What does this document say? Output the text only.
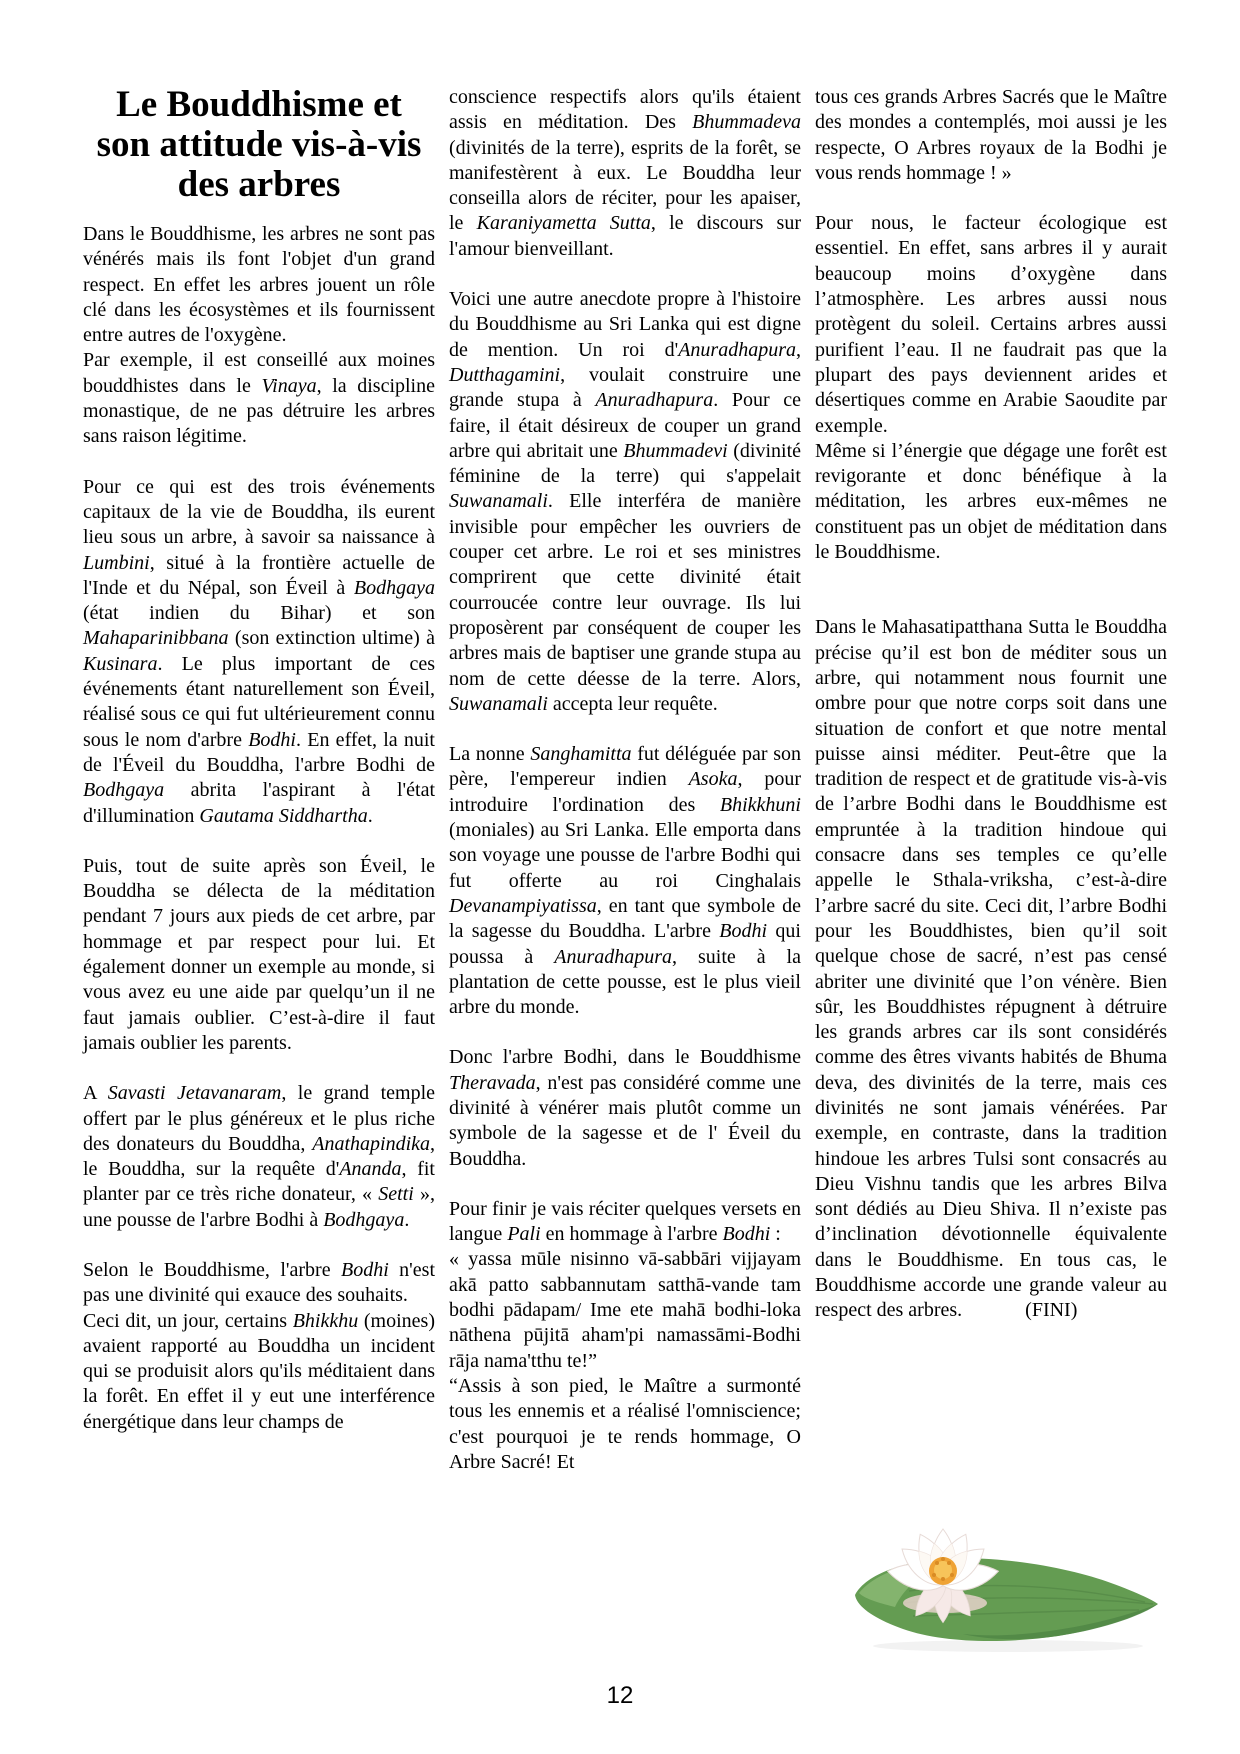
Le Bouddhisme et
son attitude vis-à-vis
des arbres

Dans le Bouddhisme, les arbres ne sont pas vénérés mais ils font l'objet d'un grand respect. En effet les arbres jouent un rôle clé dans les écosystèmes et ils fournissent entre autres de l'oxygène.

Par exemple, il est conseillé aux moines bouddhistes dans le Vinaya, la discipline monastique, de ne pas détruire les arbres sans raison légitime.

Pour ce qui est des trois événements capitaux de la vie de Bouddha, ils eurent lieu sous un arbre, à savoir sa naissance à Lumbini, situé à la frontière actuelle de l'Inde et du Népal, son Éveil à Bodhgaya (état indien du Bihar) et son Mahaparinibbana (son extinction ultime) à Kusinara. Le plus important de ces événements étant naturellement son Éveil, réalisé sous ce qui fut ultérieurement connu sous le nom d'arbre Bodhi. En effet, la nuit de l'Éveil du Bouddha, l'arbre Bodhi de Bodhgaya abrita l'aspirant à l'état d'illumination Gautama Siddhartha.

Puis, tout de suite après son Éveil, le Bouddha se délecta de la méditation pendant 7 jours aux pieds de cet arbre, par hommage et par respect pour lui. Et également donner un exemple au monde, si vous avez eu une aide par quelqu’un il ne faut jamais oublier. C’est-à-dire il faut jamais oublier les parents.

A Savasti Jetavanaram, le grand temple offert par le plus généreux et le plus riche des donateurs du Bouddha, Anathapindika, le Bouddha, sur la requête d'Ananda, fit planter par ce très riche donateur, « Setti », une pousse de l'arbre Bodhi à Bodhgaya.

Selon le Bouddhisme, l'arbre Bodhi n'est pas une divinité qui exauce des souhaits.

Ceci dit, un jour, certains Bhikkhu (moines) avaient rapporté au Bouddha un incident qui se produisit alors qu'ils méditaient dans la forêt. En effet il y eut une interférence énergétique dans leur champs de

conscience respectifs alors qu'ils étaient assis en méditation. Des Bhummadeva (divinités de la terre), esprits de la forêt, se manifestèrent à eux. Le Bouddha leur conseilla alors de réciter, pour les apaiser, le Karaniyametta Sutta, le discours sur l'amour bienveillant.

Voici une autre anecdote propre à l'histoire du Bouddhisme au Sri Lanka qui est digne de mention. Un roi d'Anuradhapura, Dutthagamini, voulait construire une grande stupa à Anuradhapura. Pour ce faire, il était désireux de couper un grand arbre qui abritait une Bhummadevi (divinité féminine de la terre) qui s'appelait Suwanamali. Elle interféra de manière invisible pour empêcher les ouvriers de couper cet arbre. Le roi et ses ministres comprirent que cette divinité était courroucée contre leur ouvrage. Ils lui proposèrent par conséquent de couper les arbres mais de baptiser une grande stupa au nom de cette déesse de la terre. Alors, Suwanamali accepta leur requête.

La nonne Sanghamitta fut déléguée par son père, l'empereur indien Asoka, pour introduire l'ordination des Bhikkhuni (moniales) au Sri Lanka. Elle emporta dans son voyage une pousse de l'arbre Bodhi qui fut offerte au roi Cinghalais Devanampiyatissa, en tant que symbole de la sagesse du Bouddha. L'arbre Bodhi qui poussa à Anuradhapura, suite à la plantation de cette pousse, est le plus vieil arbre du monde.

Donc l'arbre Bodhi, dans le Bouddhisme Theravada, n'est pas considéré comme une divinité à vénérer mais plutôt comme un symbole de la sagesse et de l' Éveil du Bouddha.

Pour finir je vais réciter quelques versets en langue Pali en hommage à l'arbre Bodhi :

« yassa mūle nisinno vā-sabbāri vijjayam akā patto sabbannutam satthā-vande tam bodhi pādapam/ Ime ete mahā bodhi-loka nāthena pūjitā aham'pi namassāmi-Bodhi rāja nama'tthu te!”

“Assis à son pied, le Maître a surmonté tous les ennemis et a réalisé l'omniscience; c'est pourquoi je te rends hommage, O Arbre Sacré! Et

tous ces grands Arbres Sacrés que le Maître des mondes a contemplés, moi aussi je les respecte, O Arbres royaux de la Bodhi je vous rends hommage ! »

Pour nous, le facteur écologique est essentiel. En effet, sans arbres il y aurait beaucoup moins d’oxygène dans l’atmosphère. Les arbres aussi nous protègent du soleil. Certains arbres aussi purifient l’eau. Il ne faudrait pas que la plupart des pays deviennent arides et désertiques comme en Arabie Saoudite par exemple.

Même si l’énergie que dégage une forêt est revigorante et donc bénéfique à la méditation, les arbres eux-mêmes ne constituent pas un objet de méditation dans le Bouddhisme.

Dans le Mahasatipatthana Sutta le Bouddha précise qu’il est bon de méditer sous un arbre, qui notamment nous fournit une ombre pour que notre corps soit dans une situation de confort et que notre mental puisse ainsi méditer. Peut-être que la tradition de respect et de gratitude vis-à-vis de l’arbre Bodhi dans le Bouddhisme est empruntée à la tradition hindoue qui consacre dans ses temples ce qu’elle appelle le Sthala-vriksha, c’est-à-dire l’arbre sacré du site. Ceci dit, l’arbre Bodhi pour les Bouddhistes, bien qu’il soit quelque chose de sacré, n’est pas censé abriter une divinité que l’on vénère. Bien sûr, les Bouddhistes répugnent à détruire les grands arbres car ils sont considérés comme des êtres vivants habités de Bhuma deva, des divinités de la terre, mais ces divinités ne sont jamais vénérées. Par exemple, en contraste, dans la tradition hindoue les arbres Tulsi sont consacrés au Dieu Vishnu tandis que les arbres Bilva sont dédiés au Dieu Shiva. Il n’existe pas d’inclination dévotionnelle équivalente dans le Bouddhisme. En tous cas, le Bouddhisme accorde une grande valeur au respect des arbres.	(FINI)

12
